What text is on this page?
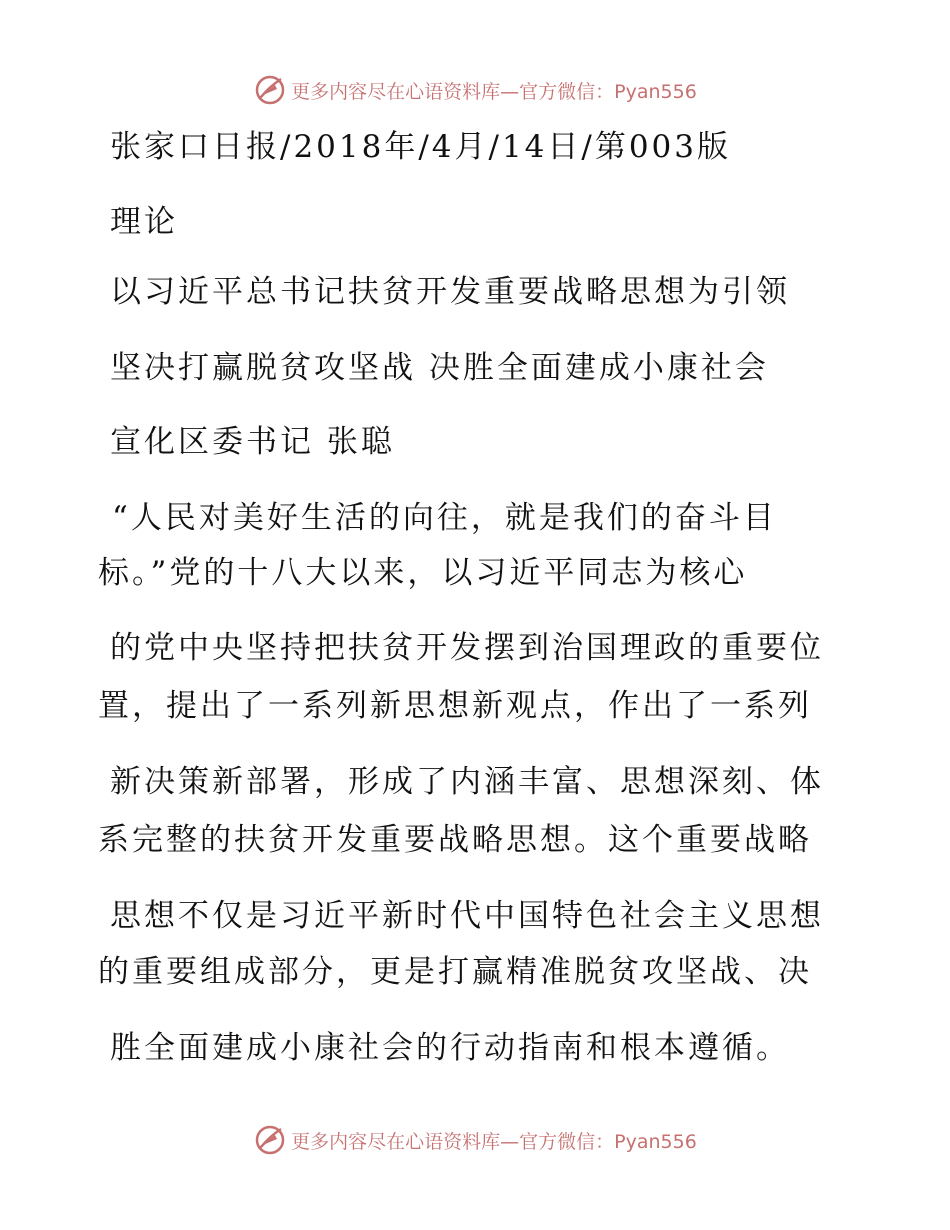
更多内容尽在心语资料库—官方微信：Pyan556
张家口日报/2018年/4月/14日/第003版
理论
以习近平总书记扶贫开发重要战略思想为引领
坚决打赢脱贫攻坚战 决胜全面建成小康社会
宣化区委书记 张聪
“人民对美好生活的向往，就是我们的奋斗目
标。”党的十八大以来，以习近平同志为核心
的党中央坚持把扶贫开发摆到治国理政的重要位
置，提出了一系列新思想新观点，作出了一系列
新决策新部署，形成了内涵丰富、思想深刻、体
系完整的扶贫开发重要战略思想。这个重要战略
思想不仅是习近平新时代中国特色社会主义思想
的重要组成部分，更是打赢精准脱贫攻坚战、决
胜全面建成小康社会的行动指南和根本遵循。
更多内容尽在心语资料库—官方微信：Pyan556
